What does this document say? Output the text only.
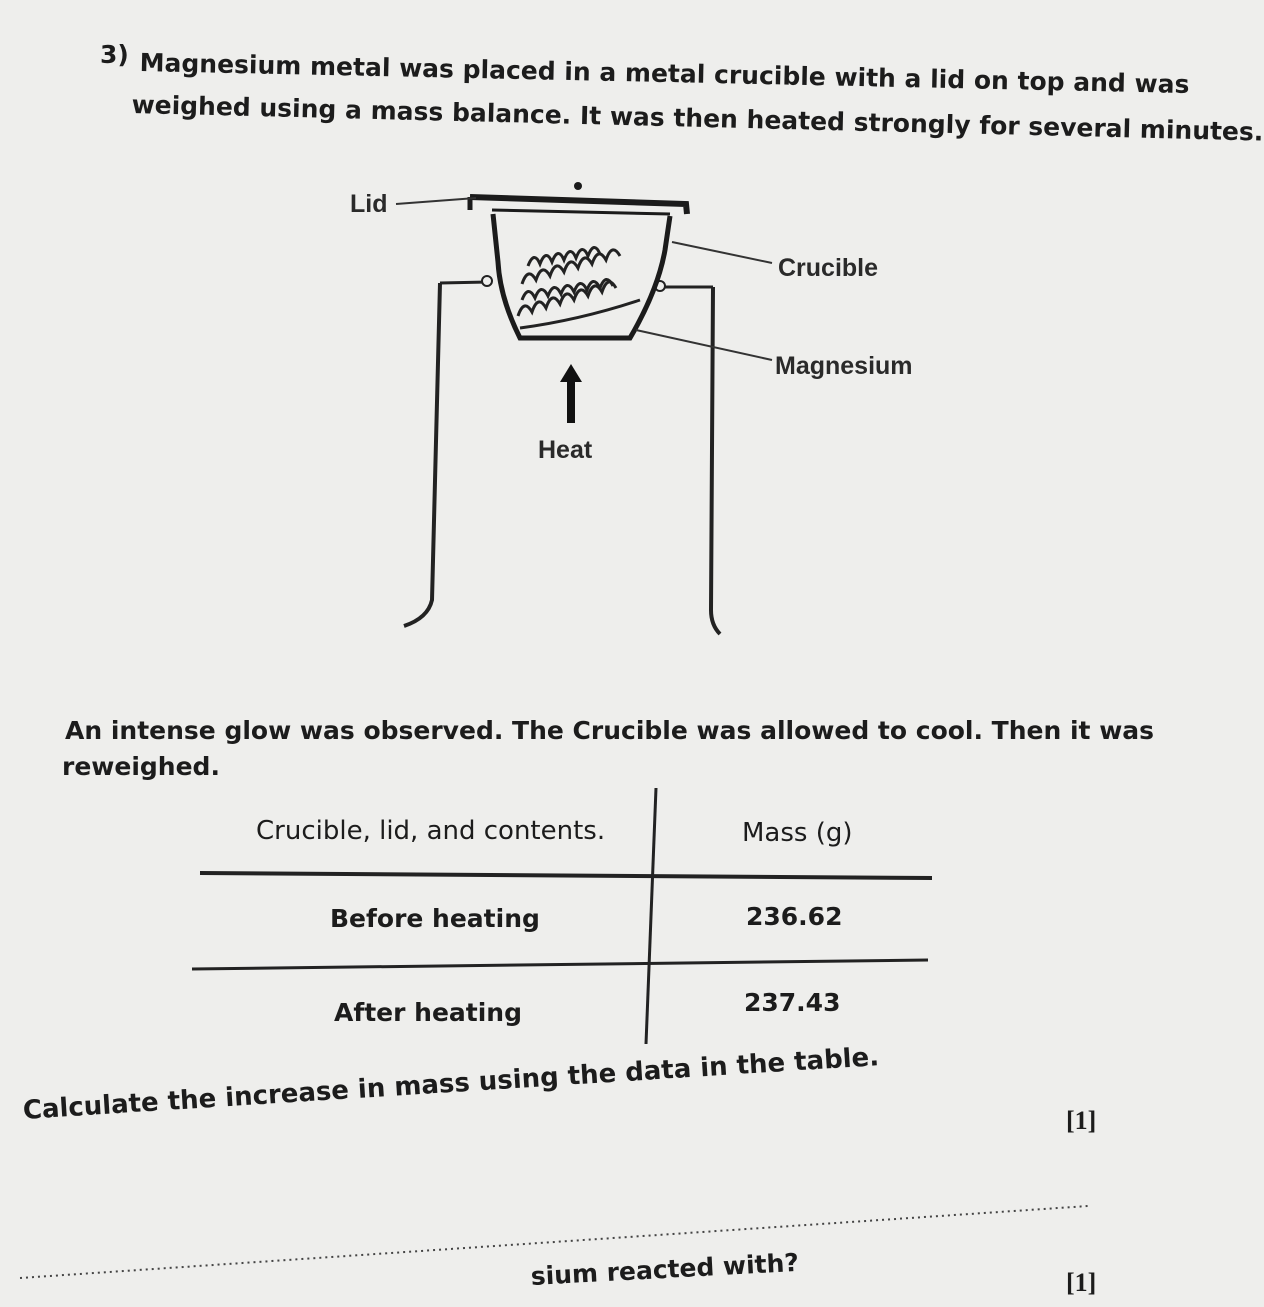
3) Magnesium metal was placed in a metal crucible with a lid on top and was
weighed using a mass balance. It was then heated strongly for several minutes.
Lid
Crucible
Magnesium
Heat
An intense glow was observed. The Crucible was allowed to cool. Then it was
reweighed.
Crucible, lid, and contents.	Mass (g)
Before heating	236.62
After heating	237.43
Calculate the increase in mass using the data in the table.	[1]
sium reacted with?	[1]
